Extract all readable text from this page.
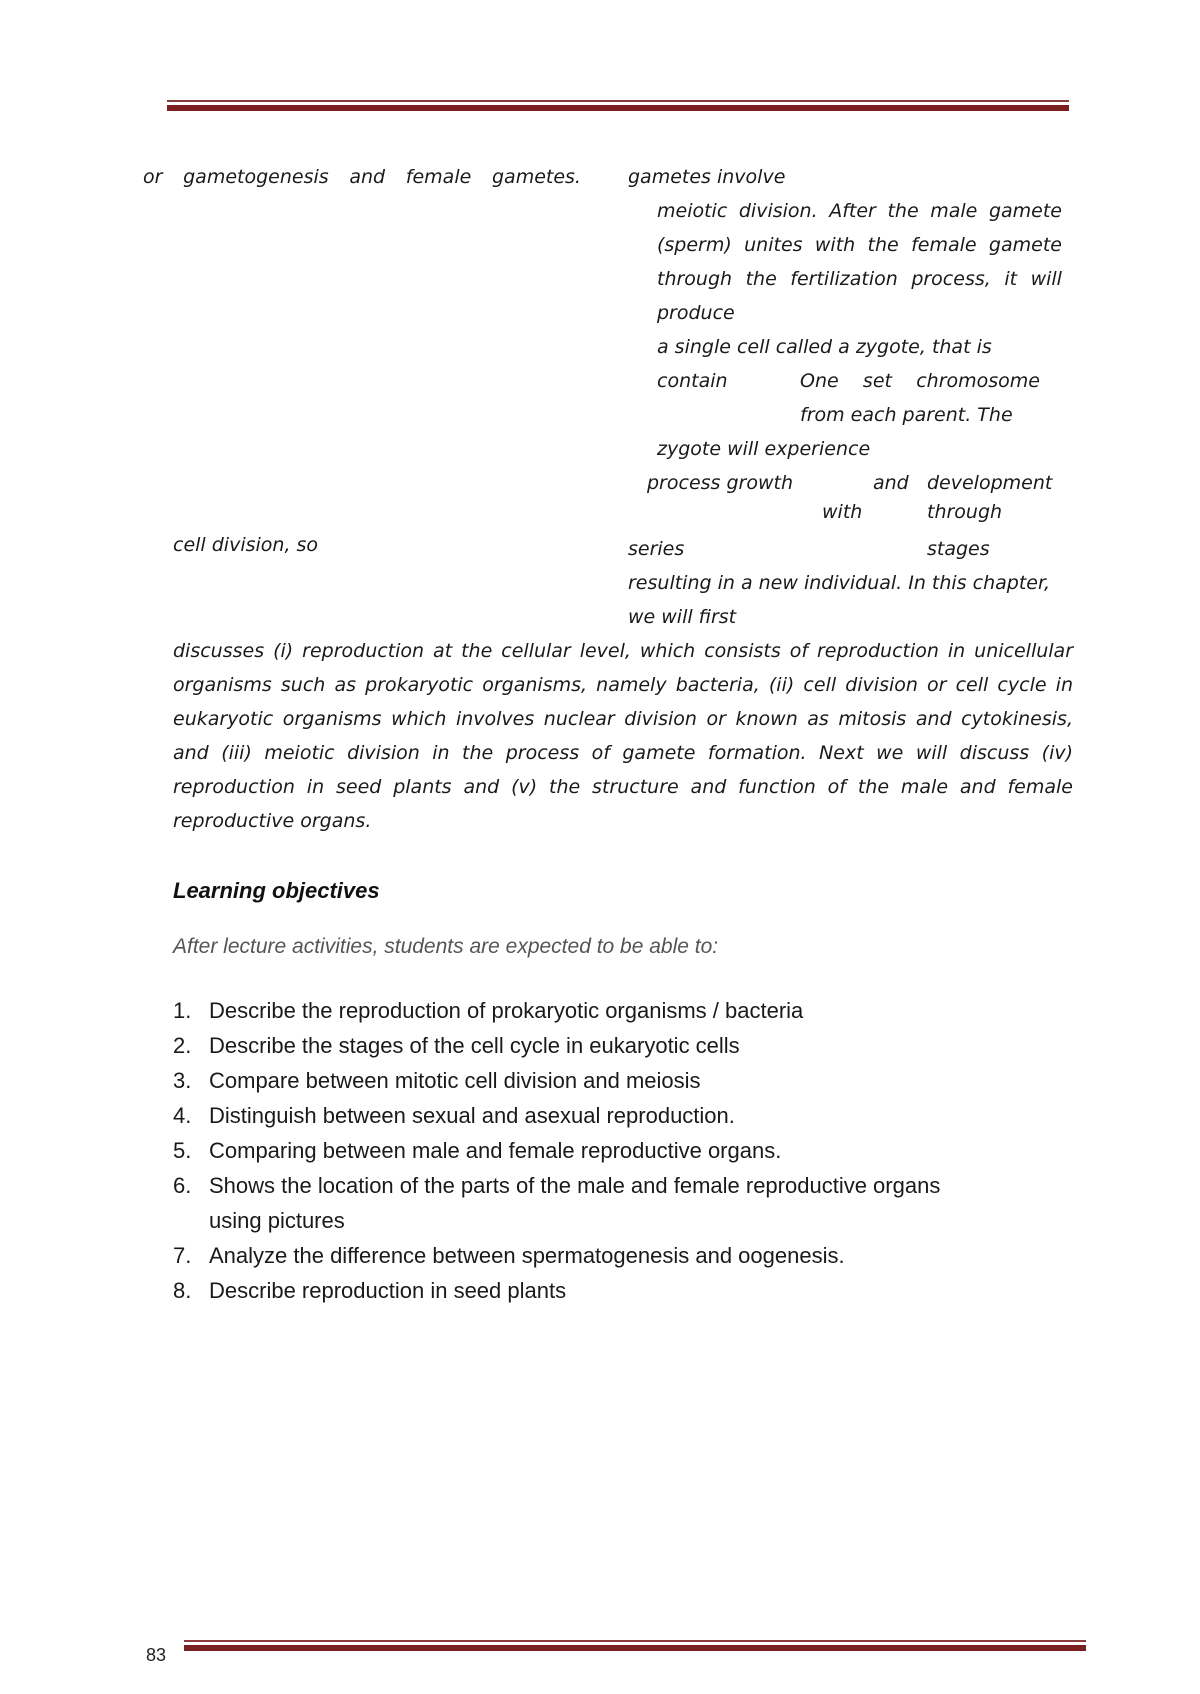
or gametogenesis and female gametes. gametes involve
meiotic division. After the male gamete
(sperm) unites with the female gamete
through the fertilization process, it will
produce
a single cell called a zygote, that is
contain	One set chromosome
from each parent. The
zygote will experience
process growth	and development
with	through
cell division, so	series	stages
resulting in a new individual. In this chapter,
we will first

discusses (i) reproduction at the cellular level, which consists of reproduction in unicellular organisms such as prokaryotic organisms, namely bacteria, (ii) cell division or cell cycle in eukaryotic organisms which involves nuclear division or known as mitosis and cytokinesis, and (iii) meiotic division in the process of gamete formation. Next we will discuss (iv) reproduction in seed plants and (v) the structure and function of the male and female reproductive organs.

Learning objectives
After lecture activities, students are expected to be able to:
1. Describe the reproduction of prokaryotic organisms / bacteria
2. Describe the stages of the cell cycle in eukaryotic cells
3. Compare between mitotic cell division and meiosis
4. Distinguish between sexual and asexual reproduction.
5. Comparing between male and female reproductive organs.
6. Shows the location of the parts of the male and female reproductive organs using pictures
7. Analyze the difference between spermatogenesis and oogenesis.
8. Describe reproduction in seed plants
83
